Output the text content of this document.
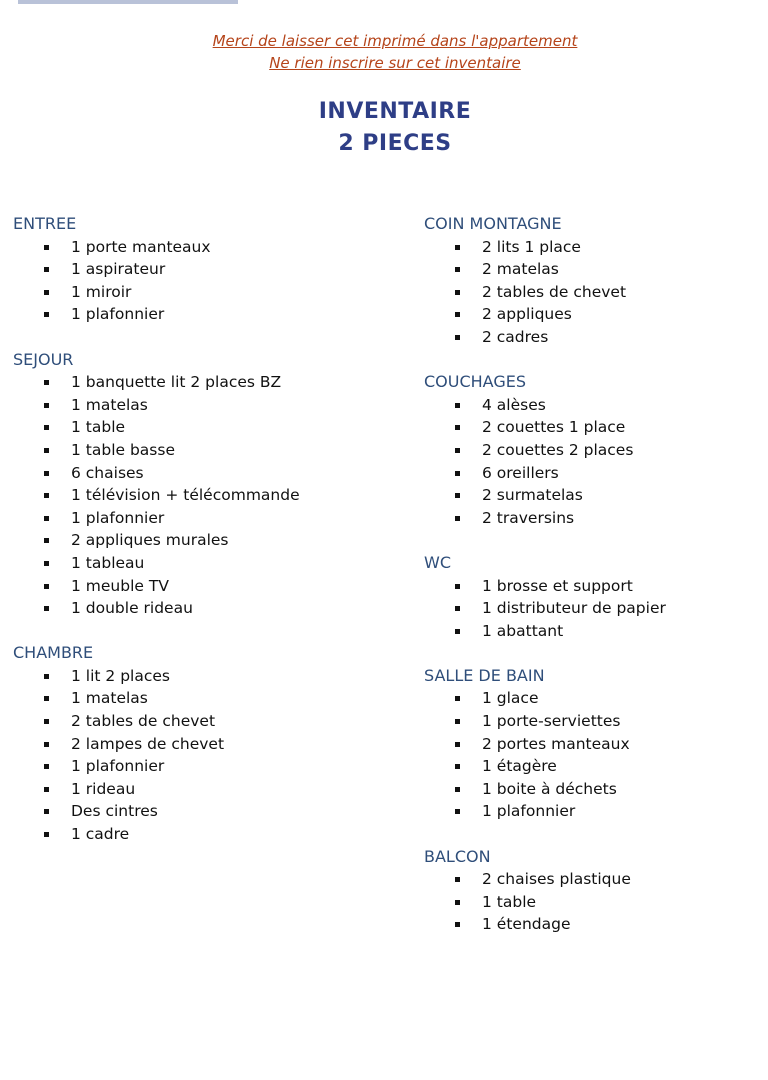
Merci de laisser cet imprimé dans l'appartement
Ne rien inscrire sur cet inventaire
INVENTAIRE
2 PIECES
ENTREE
1 porte manteaux
1 aspirateur
1 miroir
1 plafonnier
SEJOUR
1 banquette lit 2 places BZ
1 matelas
1 table
1 table basse
6 chaises
1 télévision + télécommande
1 plafonnier
2 appliques murales
1 tableau
1 meuble TV
1 double rideau
CHAMBRE
1 lit 2 places
1 matelas
2 tables de chevet
2 lampes de chevet
1 plafonnier
1 rideau
Des cintres
1 cadre
COIN MONTAGNE
2 lits 1 place
2 matelas
2 tables de chevet
2 appliques
2 cadres
COUCHAGES
4 alèses
2 couettes 1 place
2 couettes 2 places
6 oreillers
2 surmatelas
2 traversins
WC
1 brosse et support
1 distributeur de papier
1 abattant
SALLE DE BAIN
1 glace
1 porte-serviettes
2 portes manteaux
1 étagère
1 boite à déchets
1 plafonnier
BALCON
2 chaises plastique
1 table
1 étendage
